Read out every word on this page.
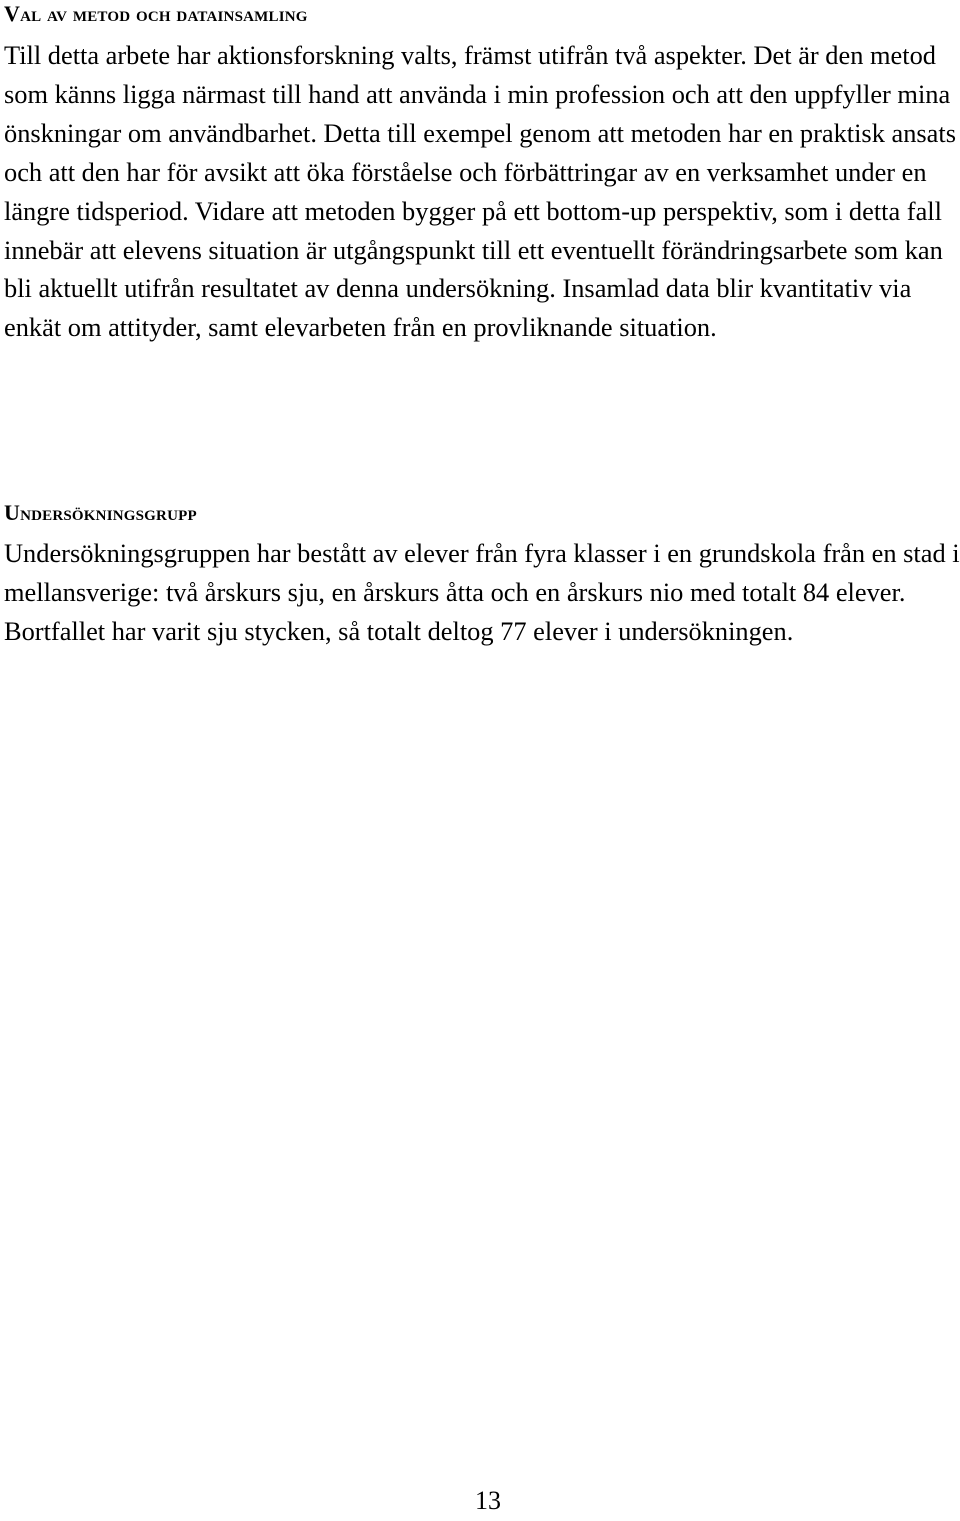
Val av metod och datainsamling

Till detta arbete har aktionsforskning valts, främst utifrån två aspekter. Det är den metod som känns ligga närmast till hand att använda i min profession och att den uppfyller mina önskningar om användbarhet. Detta till exempel genom att metoden har en praktisk ansats och att den har för avsikt att öka förståelse och förbättringar av en verksamhet under en längre tidsperiod. Vidare att metoden bygger på ett bottom-up perspektiv, som i detta fall innebär att elevens situation är utgångspunkt till ett eventuellt förändringsarbete som kan bli aktuellt utifrån resultatet av denna undersökning. Insamlad data blir kvantitativ via enkät om attityder, samt elevarbeten från en provliknande situation.

Undersökningsgrupp

Undersökningsgruppen har bestått av elever från fyra klasser i en grundskola från en stad i mellansverige: två årskurs sju, en årskurs åtta och en årskurs nio med totalt 84 elever. Bortfallet har varit sju stycken, så totalt deltog 77 elever i undersökningen.

13
